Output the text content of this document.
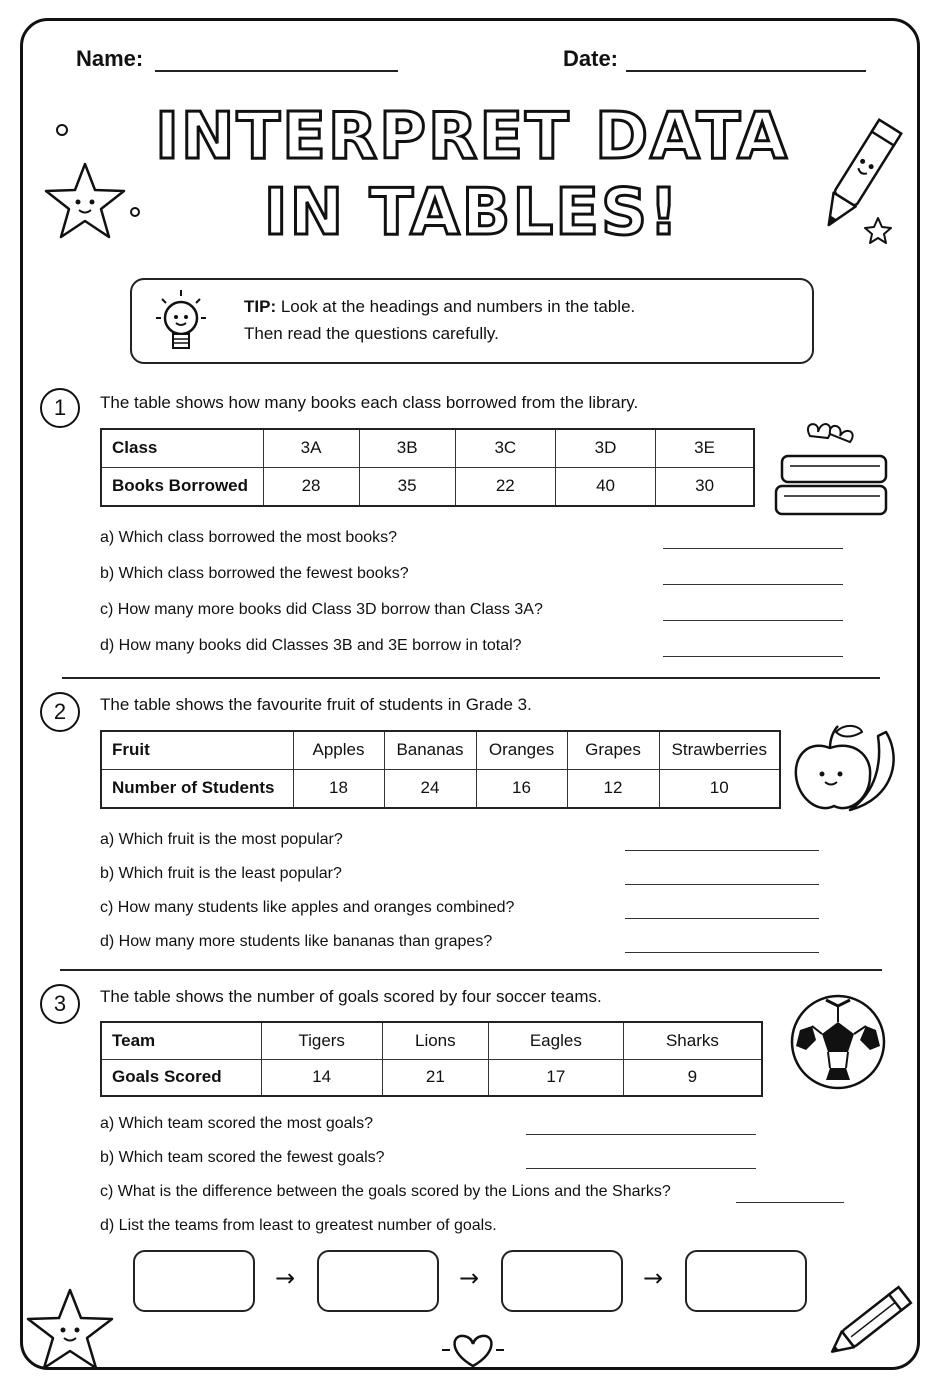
Name:	Date:
INTERPRET DATA
IN TABLES!
TIP: Look at the headings and numbers in the table.
Then read the questions carefully.
1	The table shows how many books each class borrowed from the library.
Class	3A	3B	3C	3D	3E
Books Borrowed	28	35	22	40	30
a) Which class borrowed the most books?
b) Which class borrowed the fewest books?
c) How many more books did Class 3D borrow than Class 3A?
d) How many books did Classes 3B and 3E borrow in total?
2	The table shows the favourite fruit of students in Grade 3.
Fruit	Apples	Bananas	Oranges	Grapes	Strawberries
Number of Students	18	24	16	12	10
a) Which fruit is the most popular?
b) Which fruit is the least popular?
c) How many students like apples and oranges combined?
d) How many more students like bananas than grapes?
3	The table shows the number of goals scored by four soccer teams.
Team	Tigers	Lions	Eagles	Sharks
Goals Scored	14	21	17	9
a) Which team scored the most goals?
b) Which team scored the fewest goals?
c) What is the difference between the goals scored by the Lions and the Sharks?
d) List the teams from least to greatest number of goals.
→	→	→
